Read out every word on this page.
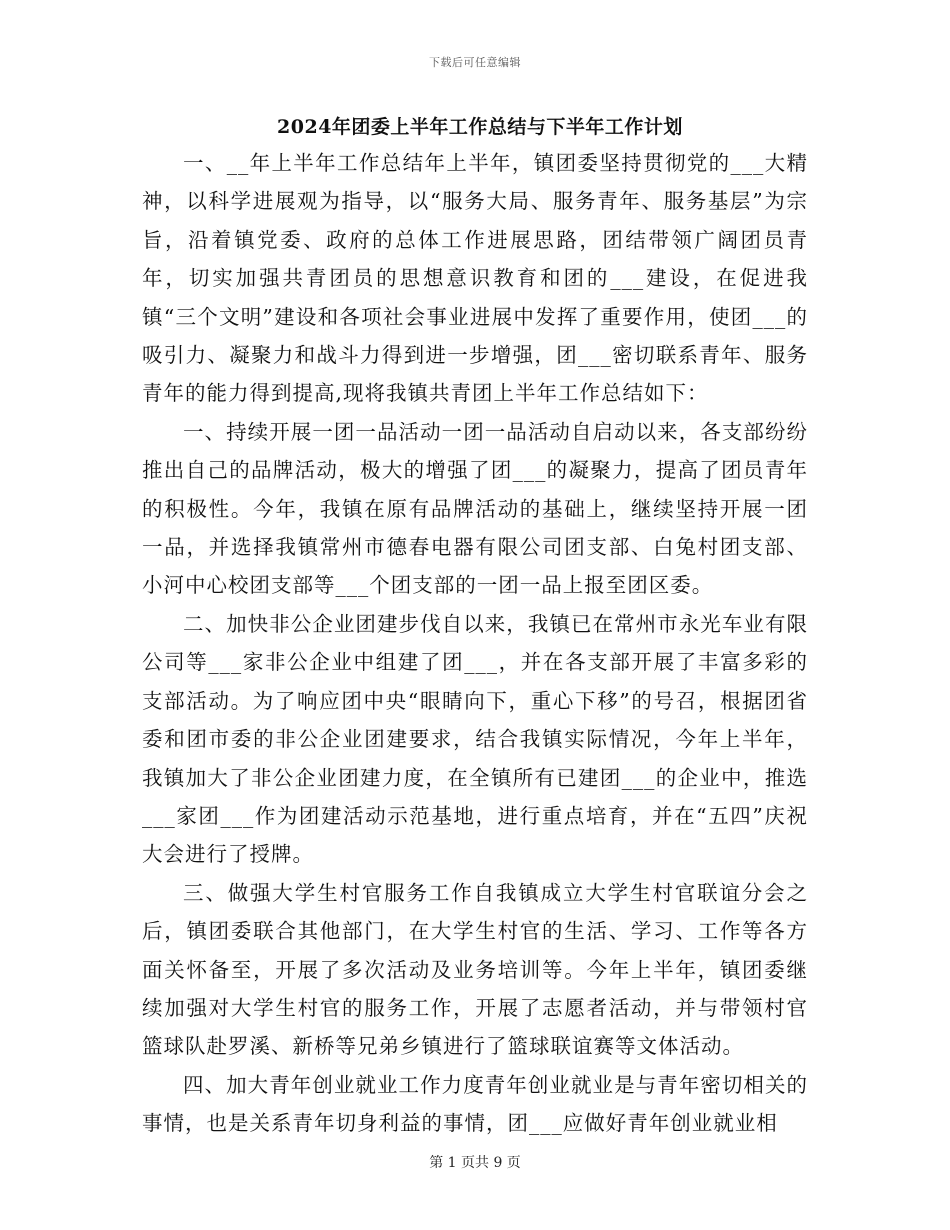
下载后可任意编辑
2024年团委上半年工作总结与下半年工作计划

一、__年上半年工作总结年上半年，镇团委坚持贯彻党的___大精神，以科学进展观为指导，以“服务大局、服务青年、服务基层”为宗旨，沿着镇党委、政府的总体工作进展思路，团结带领广阔团员青年，切实加强共青团员的思想意识教育和团的___建设，在促进我镇“三个文明”建设和各项社会事业进展中发挥了重要作用，使团___的吸引力、凝聚力和战斗力得到进一步增强，团___密切联系青年、服务青年的能力得到提高,现将我镇共青团上半年工作总结如下：

一、持续开展一团一品活动一团一品活动自启动以来，各支部纷纷推出自己的品牌活动，极大的增强了团___的凝聚力，提高了团员青年的积极性。今年，我镇在原有品牌活动的基础上，继续坚持开展一团一品，并选择我镇常州市德春电器有限公司团支部、白兔村团支部、小河中心校团支部等___个团支部的一团一品上报至团区委。

二、加快非公企业团建步伐自以来，我镇已在常州市永光车业有限公司等___家非公企业中组建了团___，并在各支部开展了丰富多彩的支部活动。为了响应团中央“眼睛向下，重心下移”的号召，根据团省委和团市委的非公企业团建要求，结合我镇实际情况，今年上半年，我镇加大了非公企业团建力度，在全镇所有已建团___的企业中，推选___家团___作为团建活动示范基地，进行重点培育，并在“五四”庆祝大会进行了授牌。

三、做强大学生村官服务工作自我镇成立大学生村官联谊分会之后，镇团委联合其他部门，在大学生村官的生活、学习、工作等各方面关怀备至，开展了多次活动及业务培训等。今年上半年，镇团委继续加强对大学生村官的服务工作，开展了志愿者活动，并与带领村官篮球队赴罗溪、新桥等兄弟乡镇进行了篮球联谊赛等文体活动。

四、加大青年创业就业工作力度青年创业就业是与青年密切相关的事情，也是关系青年切身利益的事情，团___应做好青年创业就业相

第 1 页共 9 页
